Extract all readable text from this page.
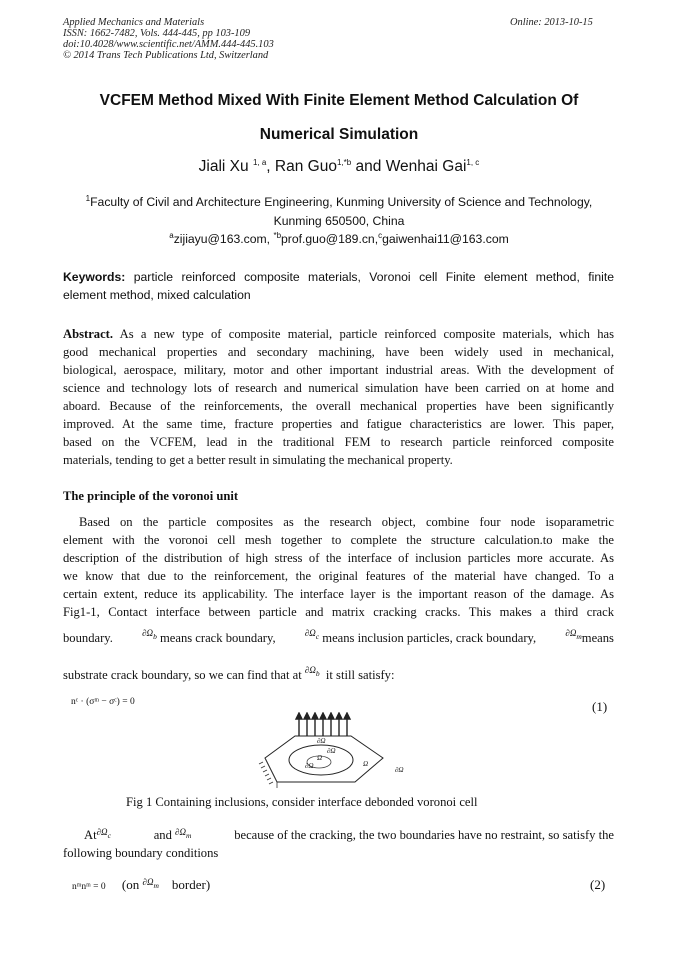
Applied Mechanics and Materials
ISSN: 1662-7482, Vols. 444-445, pp 103-109
doi:10.4028/www.scientific.net/AMM.444-445.103
© 2014 Trans Tech Publications Ltd, Switzerland
Online: 2013-10-15
VCFEM Method Mixed With Finite Element Method Calculation Of
Numerical Simulation
Jiali Xu $^{1, a}$, Ran Guo$^{1,*b}$ and Wenhai Gai$^{1, c}$
$^1$Faculty of Civil and Architecture Engineering, Kunming University of Science and Technology,
Kunming 650500, China
$^a$zijiayu@163.com, $^{*b}$prof.guo@189.cn,$^c$gaiwenhai11@163.com
Keywords: particle reinforced composite materials, Voronoi cell Finite element method, finite
element method, mixed calculation
Abstract. As a new type of composite material, particle reinforced composite materials, which has
good mechanical properties and secondary machining, have been widely used in mechanical,
biological, aerospace, military, motor and other important industrial areas. With the development of
science and technology lots of research and numerical simulation have been carried on at home and
aboard. Because of the reinforcements, the overall mechanical properties have been significantly
improved. At the same time, fracture properties and fatigue characteristics are lower. This paper,
based on the VCFEM, lead in the traditional FEM to research particle reinforced composite
materials, tending to get a better result in simulating the mechanical property.
The principle of the voronoi unit
Based on the particle composites as the research object, combine four node isoparametric
element with the voronoi cell mesh together to complete the structure calculation.to make the
description of the distribution of high stress of the interface of inclusion particles more accurate. As
we know that due to the reinforcement, the original features of the material have changed. To a
certain extent, reduce its applicability. The interface layer is the important reason of the damage. As
Fig1-1, Contact interface between particle and matrix cracking cracks. This makes a third crack
boundary.	$^{\partial\Omega_b}$ means crack boundary,	$^{\partial\Omega_c}$ means inclusion particles, crack boundary,	$^{\partial\Omega_m}$means
substrate crack boundary, so we can find that at $^{\partial\Omega_b}$ it still satisfy:
nᶜ · (σᵐ − σᶜ) = 0	(1)
∂Ω
∂Ω
Ω
Ω
∂Ω	∂Ω
Fig 1 Containing inclusions, consider interface debonded voronoi cell
$At^{\partial\Omega_c}$	and $^{\partial\Omega_m}$	because of the cracking, the two boundaries have no restraint, so satisfy the
following boundary conditions
nᵐnᵐ = 0 (on $^{\partial\Omega_m}$ border)	(2)
